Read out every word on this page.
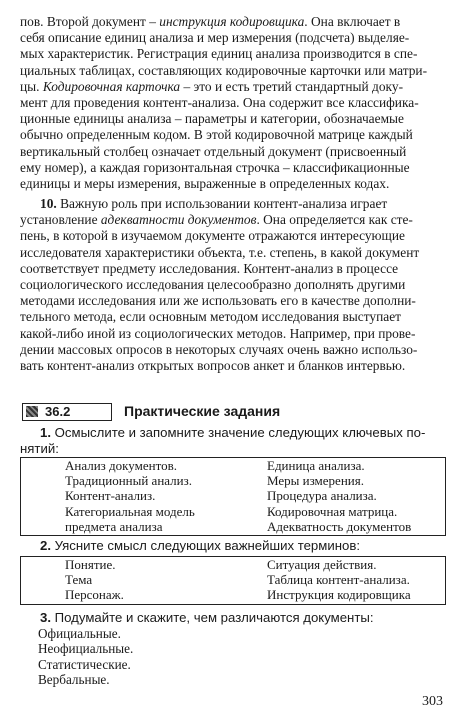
пов. Второй документ – инструкция кодировщика. Она включает в
себя описание единиц анализа и мер измерения (подсчета) выделяе-
мых характеристик. Регистрация единиц анализа производится в спе-
циальных таблицах, составляющих кодировочные карточки или матри-
цы. Кодировочная карточка – это и есть третий стандартный доку-
мент для проведения контент-анализа. Она содержит все классифика-
ционные единицы анализа – параметры и категории, обозначаемые
обычно определенным кодом. В этой кодировочной матрице каждый
вертикальный столбец означает отдельный документ (присвоенный
ему номер), а каждая горизонтальная строчка – классификационные
единицы и меры измерения, выраженные в определенных кодах.
10. Важную роль при использовании контент-анализа играет
установление адекватности документов. Она определяется как сте-
пень, в которой в изучаемом документе отражаются интересующие
исследователя характеристики объекта, т.е. степень, в какой документ
соответствует предмету исследования. Контент-анализ в процессе
социологического исследования целесообразно дополнять другими
методами исследования или же использовать его в качестве дополни-
тельного метода, если основным методом исследования выступает
какой-либо иной из социологических методов. Например, при прове-
дении массовых опросов в некоторых случаях очень важно использо-
вать контент-анализ открытых вопросов анкет и бланков интервью.
36.2	Практические задания
1. Осмыслите и запомните значение следующих ключевых по-
нятий:
Анализ документов.	Единица анализа.
Традиционный анализ.	Меры измерения.
Контент-анализ.	Процедура анализа.
Категориальная модель	Кодировочная матрица.
предмета анализа	Адекватность документов
2. Уясните смысл следующих важнейших терминов:
Понятие.	Ситуация действия.
Тема	Таблица контент-анализа.
Персонаж.	Инструкция кодировщика
3. Подумайте и скажите, чем различаются документы:
Официальные.
Неофициальные.
Статистические.
Вербальные.
303
